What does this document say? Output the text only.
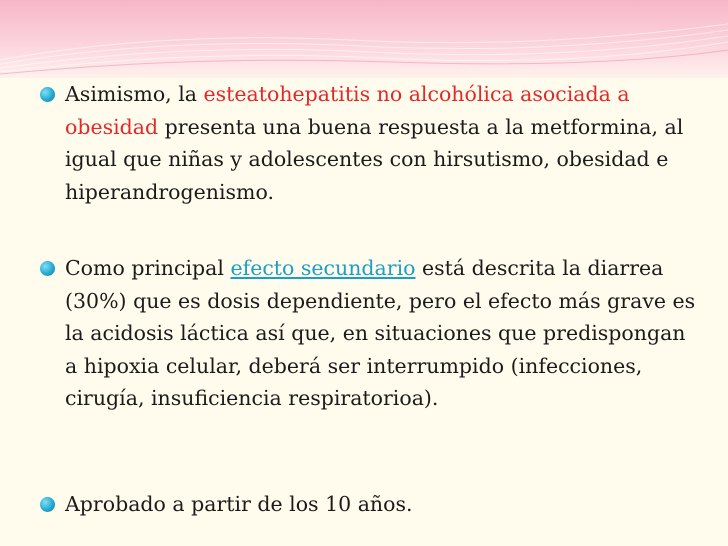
Asimismo, la esteatohepatitis no alcohólica asociada a obesidad presenta una buena respuesta a la metformina, al igual que niñas y adolescentes con hirsutismo, obesidad e hiperandrogenismo.
Como principal efecto secundario está descrita la diarrea (30%) que es dosis dependiente, pero el efecto más grave es la acidosis láctica así que, en situaciones que predispongan a hipoxia celular, deberá ser interrumpido (infecciones, cirugía, insuficiencia respiratorioa).
Aprobado a partir de los 10 años.
